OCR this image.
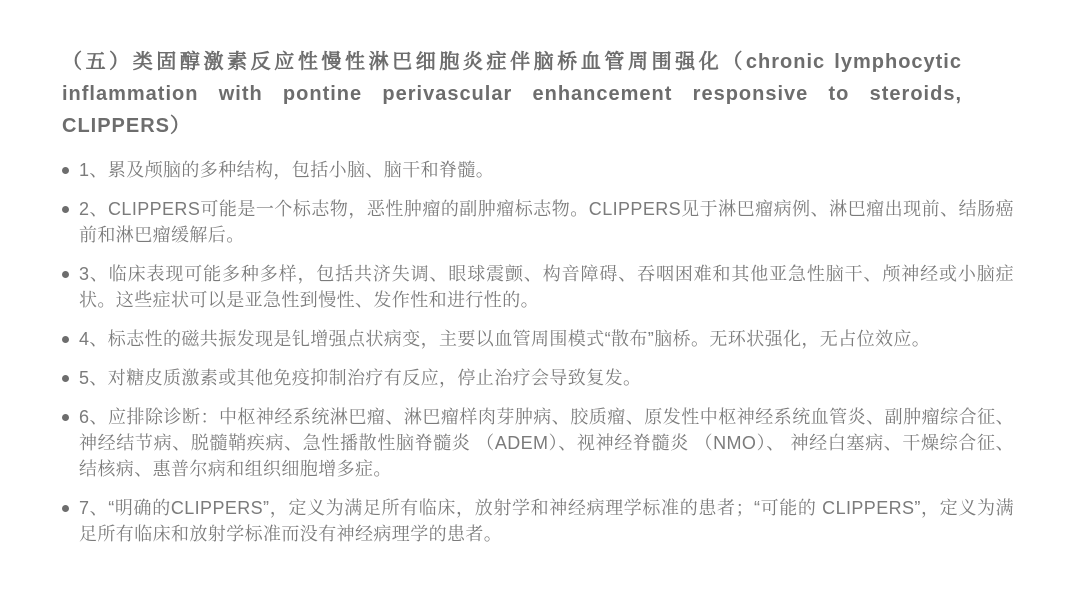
（五）类固醇激素反应性慢性淋巴细胞炎症伴脑桥血管周围强化（chronic lymphocytic inflammation with pontine perivascular enhancement responsive to steroids, CLIPPERS）
1、累及颅脑的多种结构，包括小脑、脑干和脊髓。
2、CLIPPERS可能是一个标志物，恶性肿瘤的副肿瘤标志物。CLIPPERS见于淋巴瘤病例、淋巴瘤出现前、结肠癌前和淋巴瘤缓解后。
3、临床表现可能多种多样，包括共济失调、眼球震颤、构音障碍、吞咽困难和其他亚急性脑干、颅神经或小脑症状。这些症状可以是亚急性到慢性、发作性和进行性的。
4、标志性的磁共振发现是钆增强点状病变，主要以血管周围模式“散布”脑桥。无环状强化，无占位效应。
5、对糖皮质激素或其他免疫抑制治疗有反应，停止治疗会导致复发。
6、应排除诊断：中枢神经系统淋巴瘤、淋巴瘤样肉芽肿病、胶质瘤、原发性中枢神经系统血管炎、副肿瘤综合征、神经结节病、脱髓鞘疾病、急性播散性脑脊髓炎 （ADEM）、视神经脊髓炎 （NMO）、 神经白塞病、干燥综合征、结核病、惠普尔病和组织细胞增多症。
7、“明确的CLIPPERS”，定义为满足所有临床，放射学和神经病理学标准的患者；“可能的 CLIPPERS”，定义为满足所有临床和放射学标准而没有神经病理学的患者。
